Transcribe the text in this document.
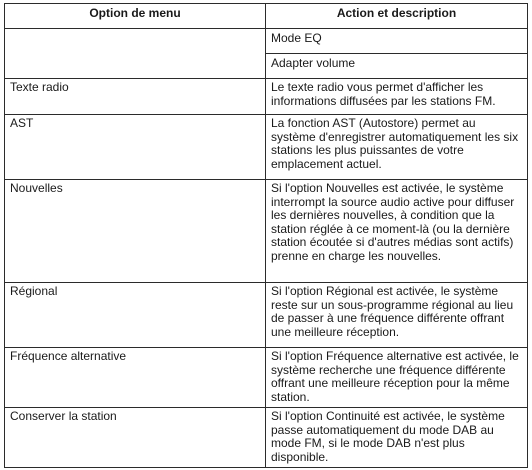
Option de menu	Action et description
	Mode EQ
	Adapter volume
Texte radio	Le texte radio vous permet d'afficher les informations diffusées par les stations FM.
AST	La fonction AST (Autostore) permet au système d'enregistrer automatiquement les six stations les plus puissantes de votre emplacement actuel.
Nouvelles	Si l'option Nouvelles est activée, le système interrompt la source audio active pour diffuser les dernières nouvelles, à condition que la station réglée à ce moment-là (ou la dernière station écoutée si d'autres médias sont actifs) prenne en charge les nouvelles.
Régional	Si l'option Régional est activée, le système reste sur un sous-programme régional au lieu de passer à une fréquence différente offrant une meilleure réception.
Fréquence alternative	Si l'option Fréquence alternative est activée, le système recherche une fréquence différente offrant une meilleure réception pour la même station.
Conserver la station	Si l'option Continuité est activée, le système passe automatiquement du mode DAB au mode FM, si le mode DAB n'est plus disponible.
